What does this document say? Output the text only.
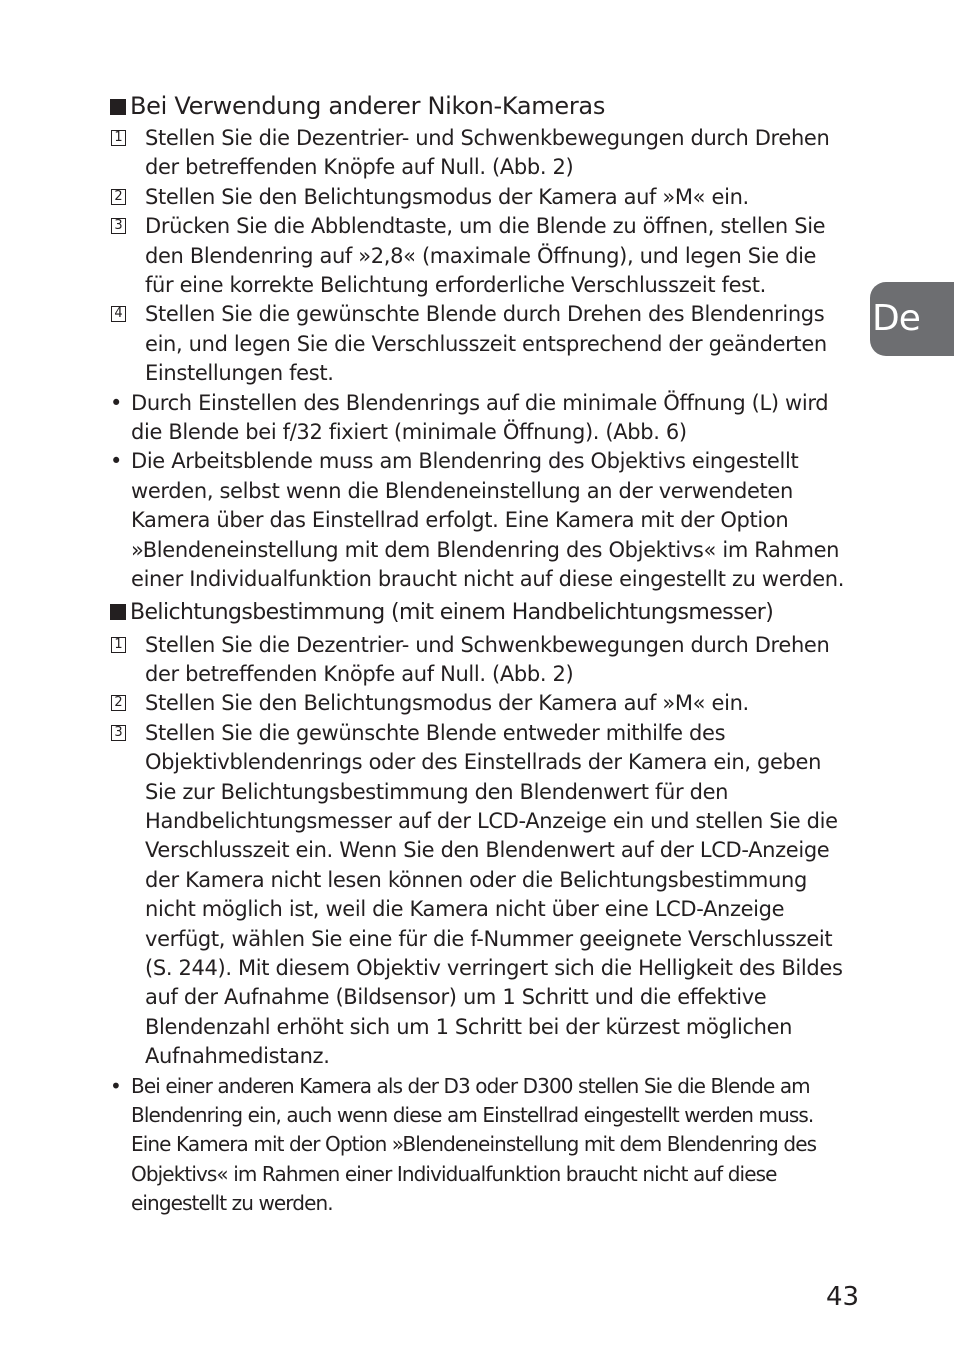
De
Bei Verwendung anderer Nikon-Kameras
1 Stellen Sie die Dezentrier- und Schwenkbewegungen durch Drehen der betreffenden Knöpfe auf Null. (Abb. 2)
2 Stellen Sie den Belichtungsmodus der Kamera auf »M« ein.
3 Drücken Sie die Abblendtaste, um die Blende zu öffnen, stellen Sie den Blendenring auf »2,8« (maximale Öffnung), und legen Sie die für eine korrekte Belichtung erforderliche Verschlusszeit fest.
4 Stellen Sie die gewünschte Blende durch Drehen des Blendenrings ein, und legen Sie die Verschlusszeit entsprechend der geänderten Einstellungen fest.
• Durch Einstellen des Blendenrings auf die minimale Öffnung (L) wird die Blende bei f/32 fixiert (minimale Öffnung). (Abb. 6)
• Die Arbeitsblende muss am Blendenring des Objektivs eingestellt werden, selbst wenn die Blendeneinstellung an der verwendeten Kamera über das Einstellrad erfolgt. Eine Kamera mit der Option »Blendeneinstellung mit dem Blendenring des Objektivs« im Rahmen einer Individualfunktion braucht nicht auf diese eingestellt zu werden.
Belichtungsbestimmung (mit einem Handbelichtungsmesser)
1 Stellen Sie die Dezentrier- und Schwenkbewegungen durch Drehen der betreffenden Knöpfe auf Null. (Abb. 2)
2 Stellen Sie den Belichtungsmodus der Kamera auf »M« ein.
3 Stellen Sie die gewünschte Blende entweder mithilfe des Objektivblendenrings oder des Einstellrads der Kamera ein, geben Sie zur Belichtungsbestimmung den Blendenwert für den Handbelichtungsmesser auf der LCD-Anzeige ein und stellen Sie die Verschlusszeit ein. Wenn Sie den Blendenwert auf der LCD-Anzeige der Kamera nicht lesen können oder die Belichtungsbestimmung nicht möglich ist, weil die Kamera nicht über eine LCD-Anzeige verfügt, wählen Sie eine für die f-Nummer geeignete Verschlusszeit (S. 244). Mit diesem Objektiv verringert sich die Helligkeit des Bildes auf der Aufnahme (Bildsensor) um 1 Schritt und die effektive Blendenzahl erhöht sich um 1 Schritt bei der kürzest möglichen Aufnahmedistanz.
• Bei einer anderen Kamera als der D3 oder D300 stellen Sie die Blende am Blendenring ein, auch wenn diese am Einstellrad eingestellt werden muss. Eine Kamera mit der Option »Blendeneinstellung mit dem Blendenring des Objektivs« im Rahmen einer Individualfunktion braucht nicht auf diese eingestellt zu werden.
43
